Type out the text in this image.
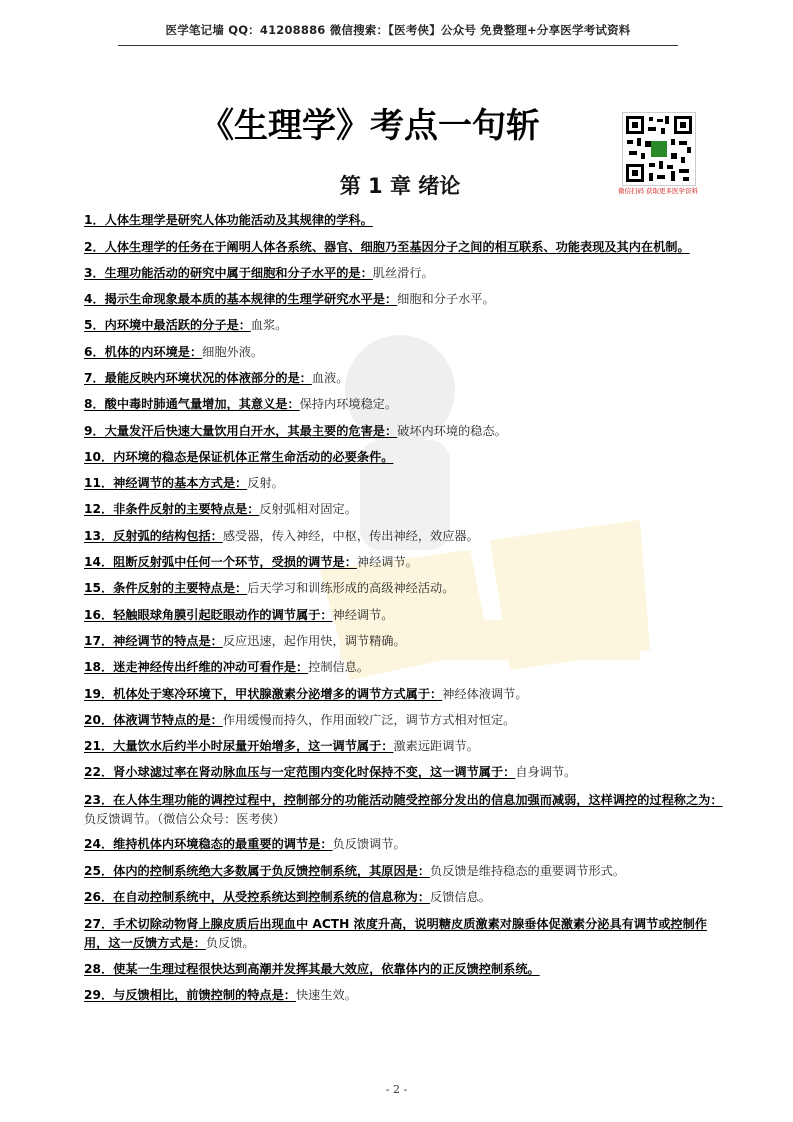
医学笔记墙 QQ：41208886 微信搜索：【医考侠】公众号 免费整理+分享医学考试资料
《生理学》考点一句斩
微信扫码 获取更多医学资料
第 1 章 绪论
1．人体生理学是研究人体功能活动及其规律的学科。
2．人体生理学的任务在于阐明人体各系统、器官、细胞乃至基因分子之间的相互联系、功能表现及其内在机制。
3．生理功能活动的研究中属于细胞和分子水平的是：肌丝滑行。
4．揭示生命现象最本质的基本规律的生理学研究水平是：细胞和分子水平。
5．内环境中最活跃的分子是：血浆。
6．机体的内环境是：细胞外液。
7．最能反映内环境状况的体液部分的是：血液。
8．酸中毒时肺通气量增加，其意义是：保持内环境稳定。
9．大量发汗后快速大量饮用白开水，其最主要的危害是：破坏内环境的稳态。
10．内环境的稳态是保证机体正常生命活动的必要条件。
11．神经调节的基本方式是：反射。
12．非条件反射的主要特点是：反射弧相对固定。
13．反射弧的结构包括：感受器，传入神经，中枢，传出神经，效应器。
14．阻断反射弧中任何一个环节，受损的调节是：神经调节。
15．条件反射的主要特点是：后天学习和训练形成的高级神经活动。
16．轻触眼球角膜引起眨眼动作的调节属于：神经调节。
17．神经调节的特点是：反应迅速，起作用快，调节精确。
18．迷走神经传出纤维的冲动可看作是：控制信息。
19．机体处于寒冷环境下，甲状腺激素分泌增多的调节方式属于：神经体液调节。
20．体液调节特点的是：作用缓慢而持久，作用面较广泛，调节方式相对恒定。
21．大量饮水后约半小时尿量开始增多，这一调节属于：激素远距调节。
22．肾小球滤过率在肾动脉血压与一定范围内变化时保持不变，这一调节属于：自身调节。
23．在人体生理功能的调控过程中，控制部分的功能活动随受控部分发出的信息加强而减弱，这样调控的过程称之为：负反馈调节。（微信公众号：医考侠）
24．维持机体内环境稳态的最重要的调节是：负反馈调节。
25．体内的控制系统绝大多数属于负反馈控制系统，其原因是：负反馈是维持稳态的重要调节形式。
26．在自动控制系统中，从受控系统达到控制系统的信息称为：反馈信息。
27．手术切除动物肾上腺皮质后出现血中 ACTH 浓度升高，说明糖皮质激素对腺垂体促激素分泌具有调节或控制作用，这一反馈方式是：负反馈。
28．使某一生理过程很快达到高潮并发挥其最大效应，依靠体内的正反馈控制系统。
29．与反馈相比，前馈控制的特点是：快速生效。
- 2 -
